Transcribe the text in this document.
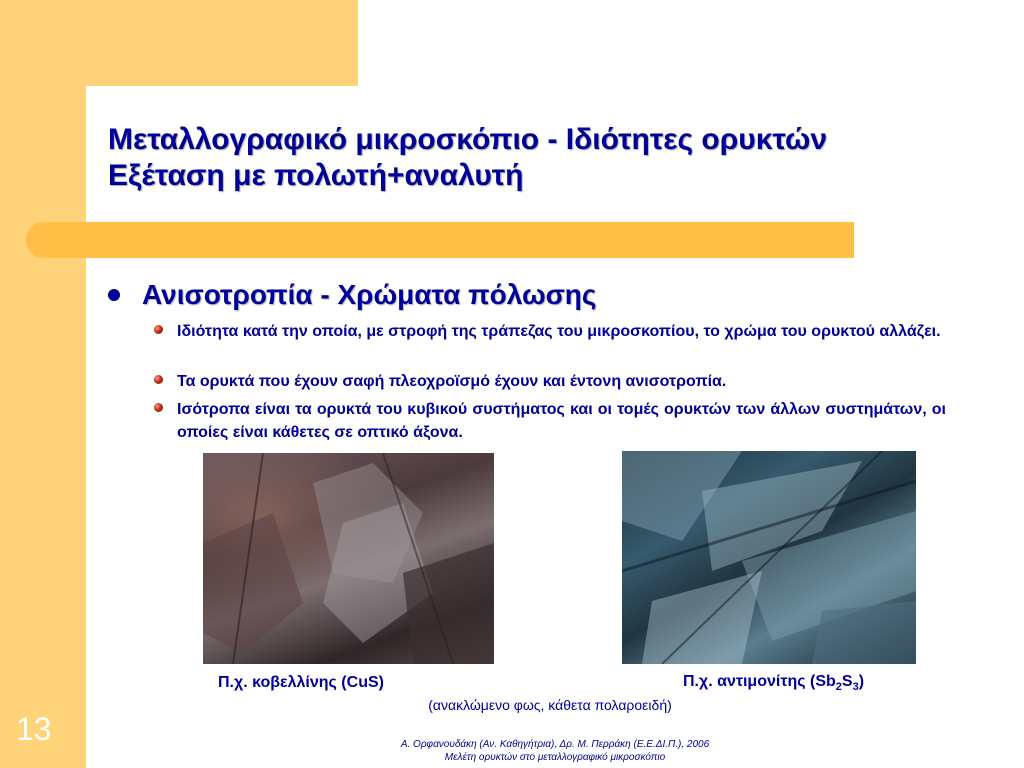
Μεταλλογραφικό μικροσκόπιο - Ιδιότητες ορυκτών
Εξέταση με πολωτή+αναλυτή
Ανισοτροπία - Χρώματα πόλωσης
Ιδιότητα κατά την οποία, με στροφή της τράπεζας του μικροσκοπίου, το χρώμα του ορυκτού αλλάζει.
Τα ορυκτά που έχουν σαφή πλεοχροϊσμό έχουν και έντονη ανισοτροπία.
Ισότροπα είναι τα ορυκτά του κυβικού συστήματος και οι τομές ορυκτών των άλλων συστημάτων, οι οποίες είναι κάθετες σε οπτικό άξονα.
Π.χ. κοβελλίνης (CuS)	Π.χ. αντιμονίτης $(Sb_2S_3)$
(ανακλώμενο φως, κάθετα πολαροειδή)
13	Α. Ορφανουδάκη (Αν. Καθηγήτρια), Δρ. Μ. Περράκη (Ε.Ε.ΔΙ.Π.), 2006
Μελέτη ορυκτών στο μεταλλογραφικό μικροσκόπιο
